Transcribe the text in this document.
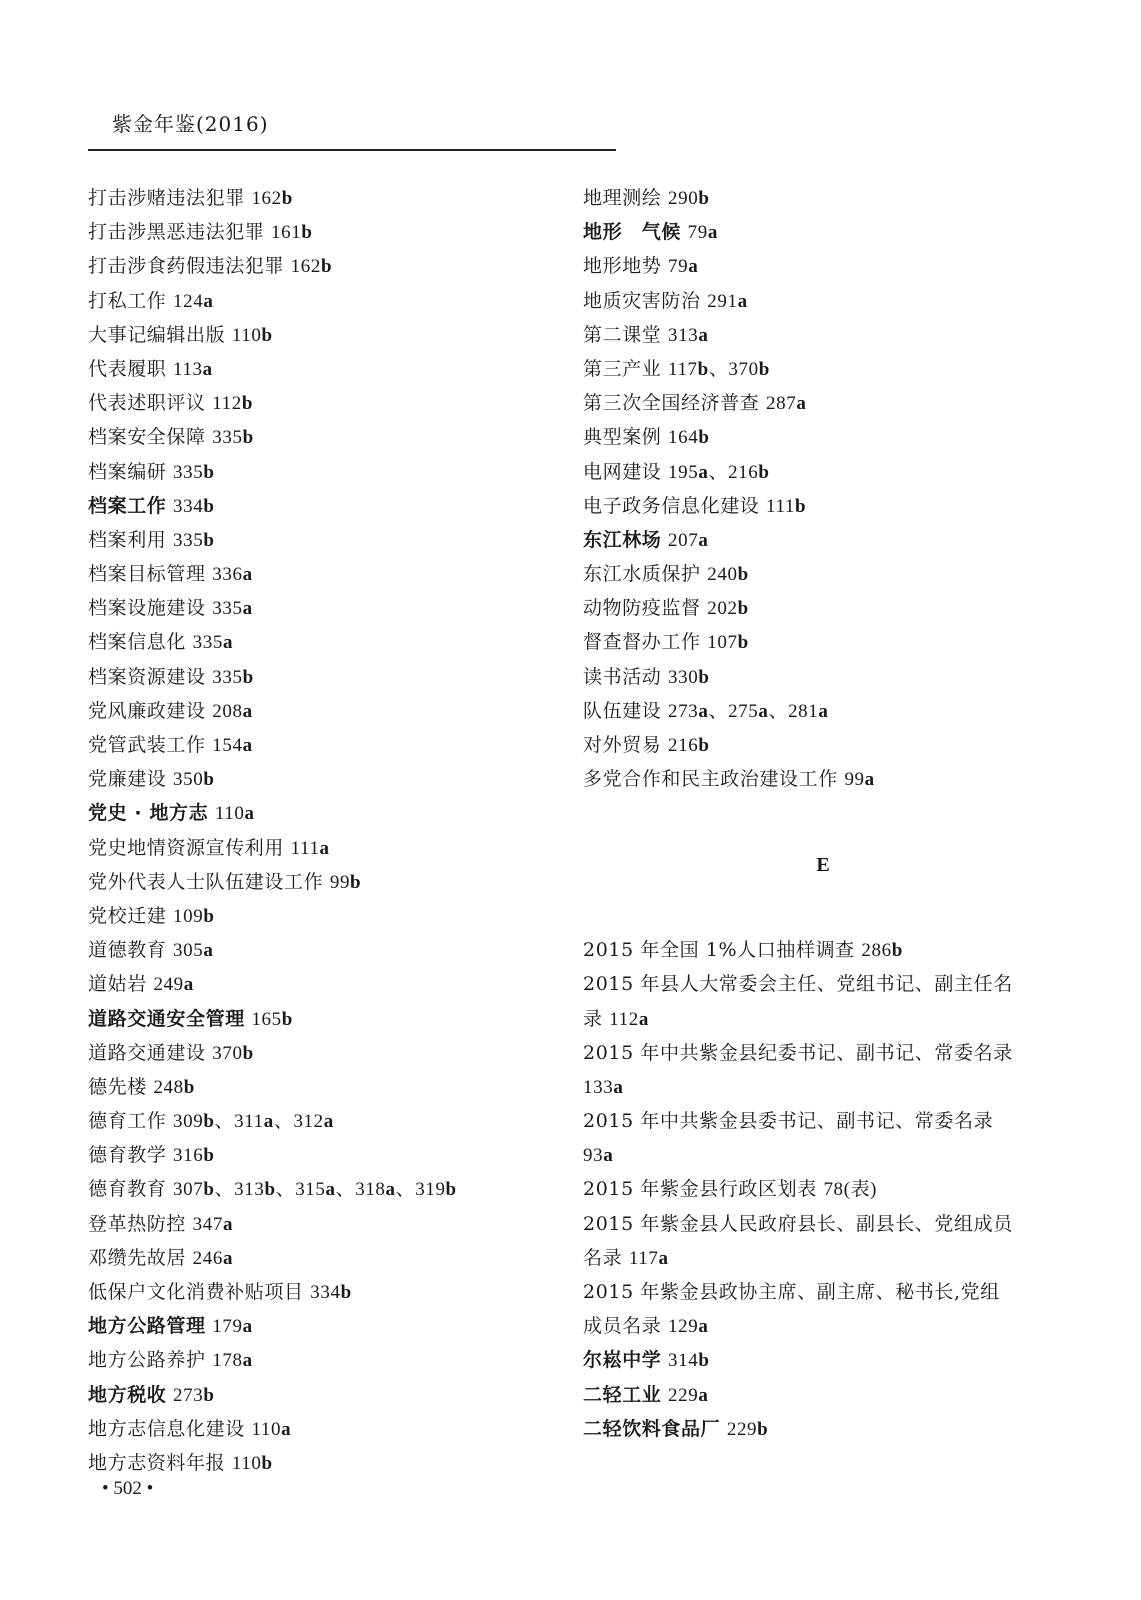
紫金年鉴(2016)
打击涉赌违法犯罪 162b
打击涉黑恶违法犯罪 161b
打击涉食药假违法犯罪 162b
打私工作 124a
大事记编辑出版 110b
代表履职 113a
代表述职评议 112b
档案安全保障 335b
档案编研 335b
档案工作 334b
档案利用 335b
档案目标管理 336a
档案设施建设 335a
档案信息化 335a
档案资源建设 335b
党风廉政建设 208a
党管武装工作 154a
党廉建设 350b
党史 · 地方志 110a
党史地情资源宣传利用 111a
党外代表人士队伍建设工作 99b
党校迁建 109b
道德教育 305a
道姑岩 249a
道路交通安全管理 165b
道路交通建设 370b
德先楼 248b
德育工作 309b、311a、312a
德育教学 316b
德育教育 307b、313b、315a、318a、319b
登革热防控 347a
邓缵先故居 246a
低保户文化消费补贴项目 334b
地方公路管理 179a
地方公路养护 178a
地方税收 273b
地方志信息化建设 110a
地方志资料年报 110b
地理测绘 290b
地形　气候 79a
地形地势 79a
地质灾害防治 291a
第二课堂 313a
第三产业 117b、370b
第三次全国经济普查 287a
典型案例 164b
电网建设 195a、216b
电子政务信息化建设 111b
东江林场 207a
东江水质保护 240b
动物防疫监督 202b
督查督办工作 107b
读书活动 330b
队伍建设 273a、275a、281a
对外贸易 216b
多党合作和民主政治建设工作 99a
E
2015 年全国 1%人口抽样调查 286b
2015 年县人大常委会主任、党组书记、副主任名
录 112a
2015 年中共紫金县纪委书记、副书记、常委名录
133a
2015 年中共紫金县委书记、副书记、常委名录
93a
2015 年紫金县行政区划表 78(表)
2015 年紫金县人民政府县长、副县长、党组成员
名录 117a
2015 年紫金县政协主席、副主席、秘书长,党组
成员名录 129a
尔崧中学 314b
二轻工业 229a
二轻饮料食品厂 229b
• 502 •
